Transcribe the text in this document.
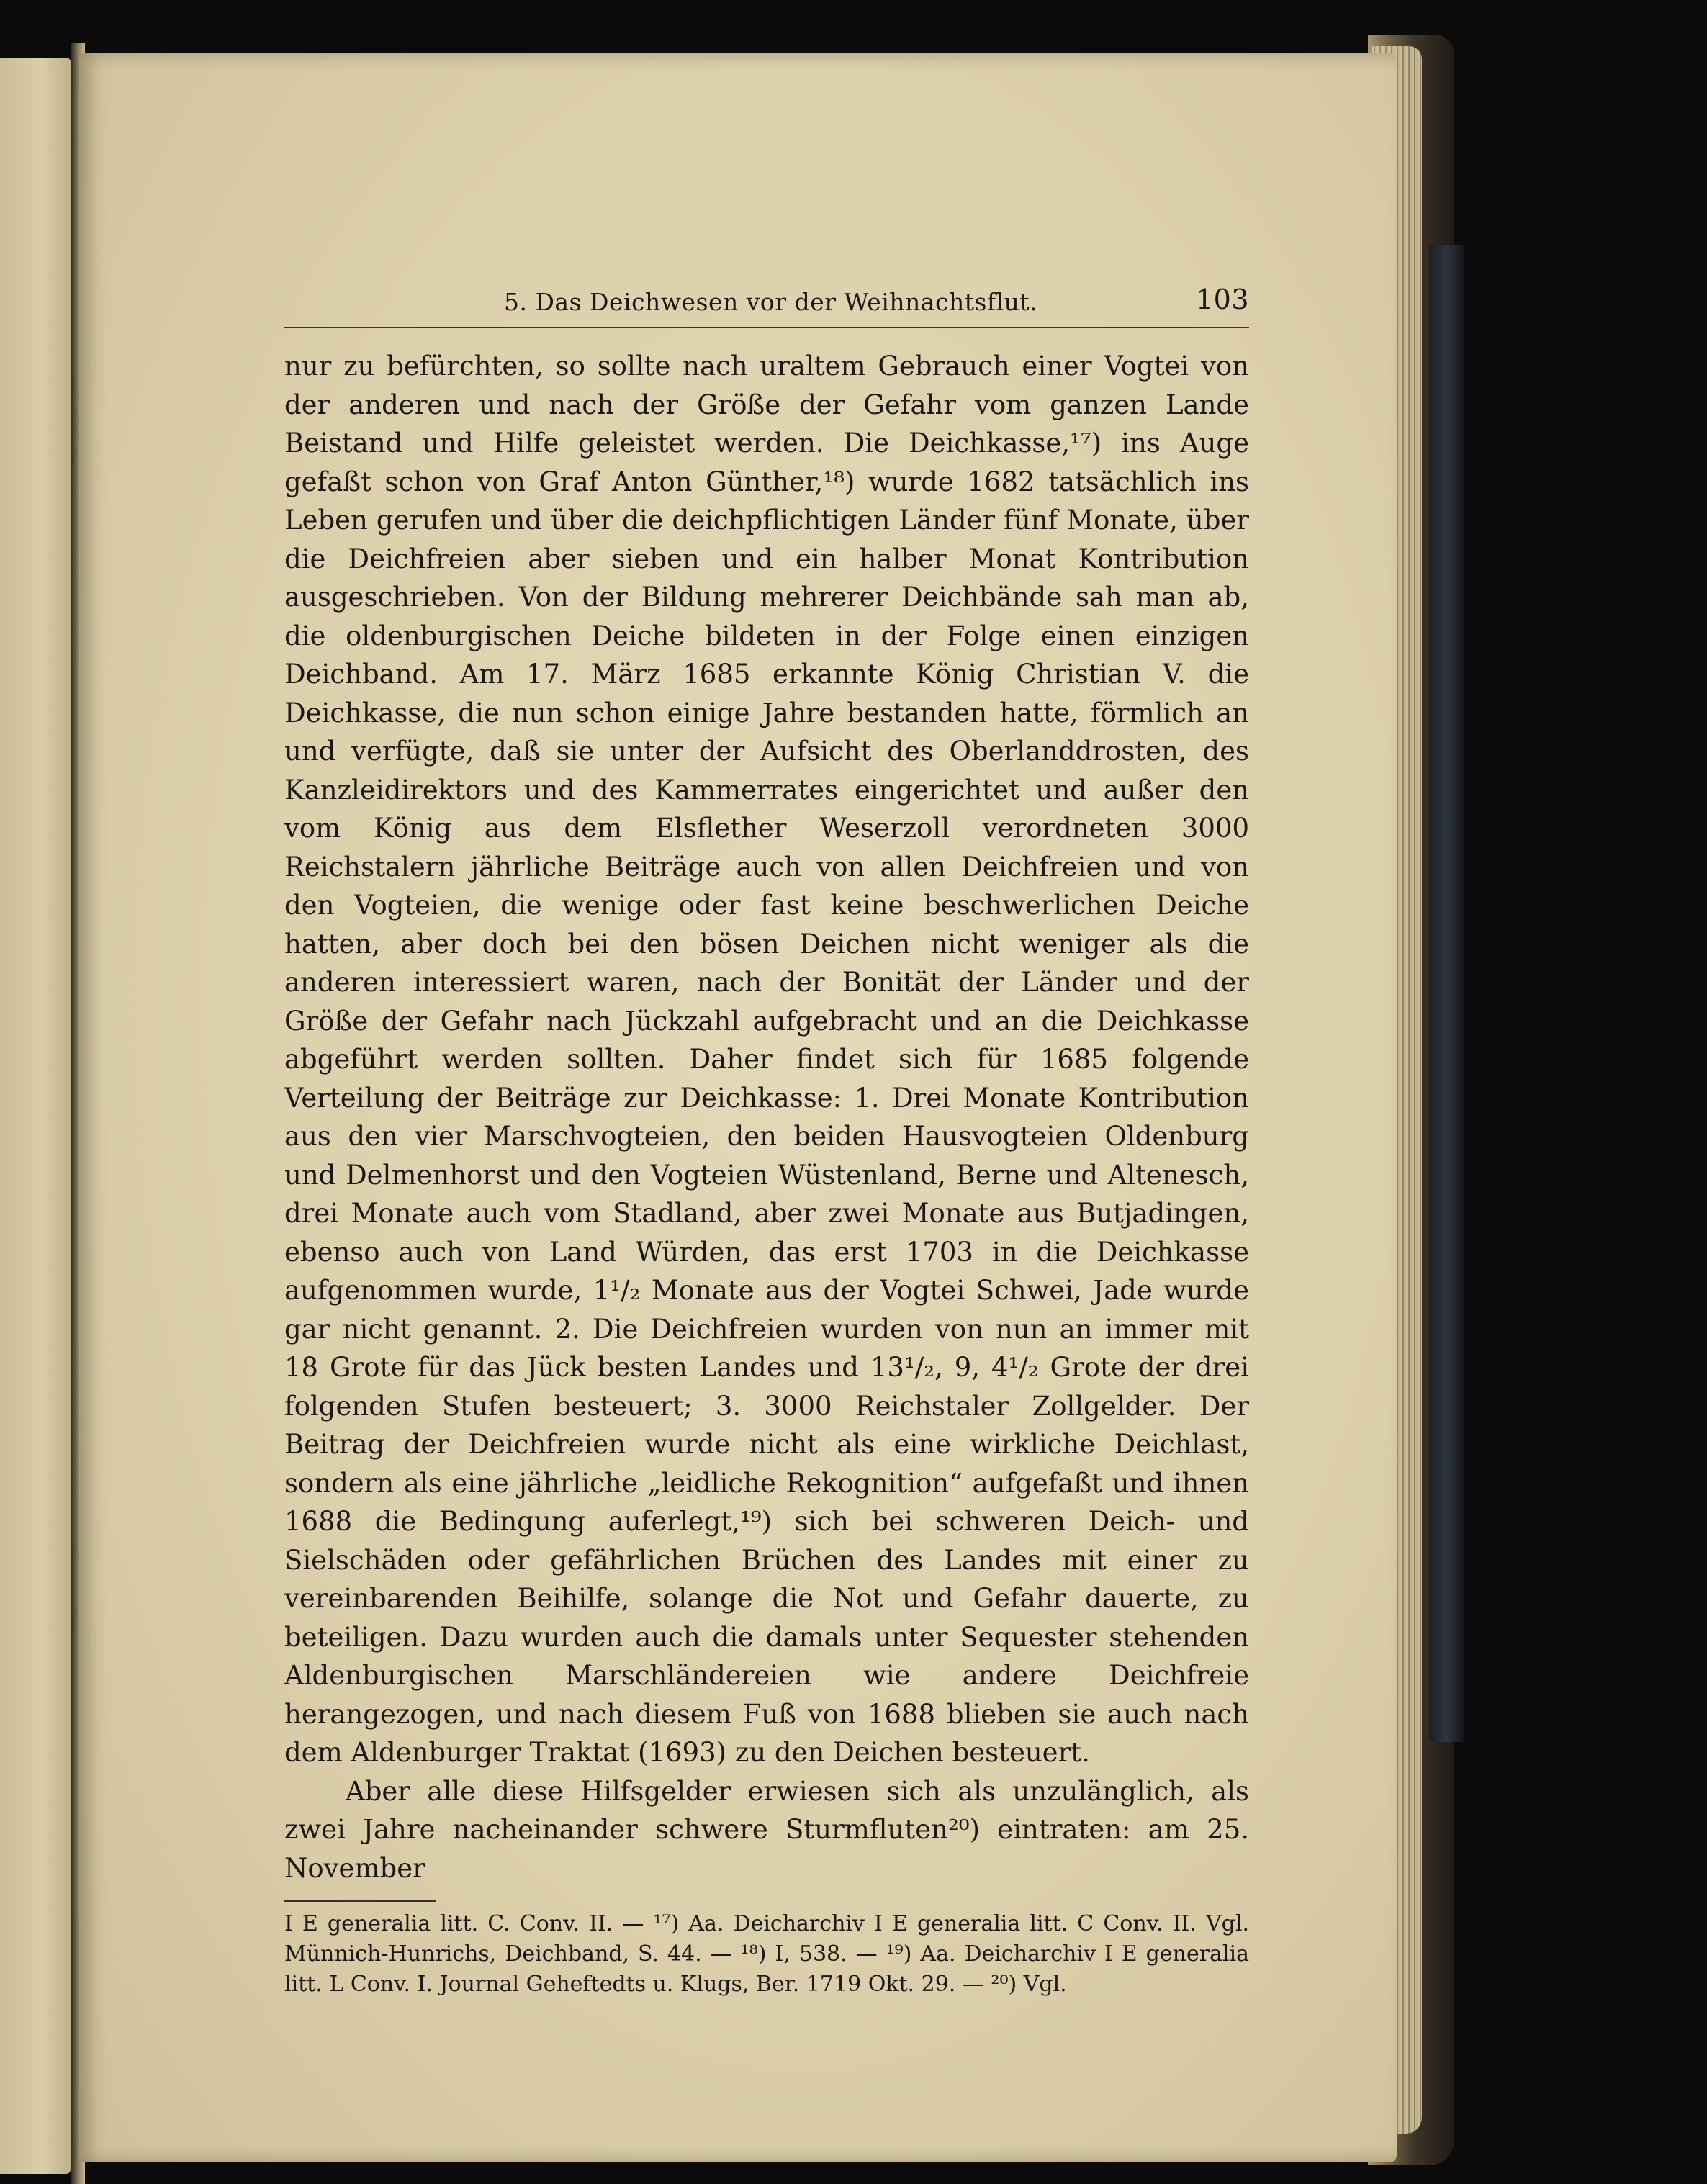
5. Das Deichwesen vor der Weihnachtsflut.	103

nur zu befürchten, so sollte nach uraltem Gebrauch einer Vogtei von der anderen und nach der Größe der Gefahr vom ganzen Lande Beistand und Hilfe geleistet werden. Die Deichkasse,¹⁷) ins Auge gefaßt schon von Graf Anton Günther,¹⁸) wurde 1682 tatsächlich ins Leben gerufen und über die deichpflichtigen Länder fünf Monate, über die Deichfreien aber sieben und ein halber Monat Kontribution ausgeschrieben. Von der Bildung mehrerer Deichbände sah man ab, die oldenburgischen Deiche bildeten in der Folge einen einzigen Deichband. Am 17. März 1685 erkannte König Christian V. die Deichkasse, die nun schon einige Jahre bestanden hatte, förmlich an und verfügte, daß sie unter der Aufsicht des Oberlanddrosten, des Kanzleidirektors und des Kammerrates eingerichtet und außer den vom König aus dem Elsflether Weserzoll verordneten 3000 Reichstalern jährliche Beiträge auch von allen Deichfreien und von den Vogteien, die wenige oder fast keine beschwerlichen Deiche hatten, aber doch bei den bösen Deichen nicht weniger als die anderen interessiert waren, nach der Bonität der Länder und der Größe der Gefahr nach Jückzahl aufgebracht und an die Deichkasse abgeführt werden sollten. Daher findet sich für 1685 folgende Verteilung der Beiträge zur Deichkasse: 1. Drei Monate Kontribution aus den vier Marschvogteien, den beiden Hausvogteien Oldenburg und Delmenhorst und den Vogteien Wüstenland, Berne und Altenesch, drei Monate auch vom Stadland, aber zwei Monate aus Butjadingen, ebenso auch von Land Würden, das erst 1703 in die Deichkasse aufgenommen wurde, 1¹/₂ Monate aus der Vogtei Schwei, Jade wurde gar nicht genannt. 2. Die Deichfreien wurden von nun an immer mit 18 Grote für das Jück besten Landes und 13¹/₂, 9, 4¹/₂ Grote der drei folgenden Stufen besteuert; 3. 3000 Reichstaler Zollgelder. Der Beitrag der Deichfreien wurde nicht als eine wirkliche Deichlast, sondern als eine jährliche „leidliche Rekognition“ aufgefaßt und ihnen 1688 die Bedingung auferlegt,¹⁹) sich bei schweren Deich- und Sielschäden oder gefährlichen Brüchen des Landes mit einer zu vereinbarenden Beihilfe, solange die Not und Gefahr dauerte, zu beteiligen. Dazu wurden auch die damals unter Sequester stehenden Aldenburgischen Marschländereien wie andere Deichfreie herangezogen, und nach diesem Fuß von 1688 blieben sie auch nach dem Aldenburger Traktat (1693) zu den Deichen besteuert.

Aber alle diese Hilfsgelder erwiesen sich als unzulänglich, als zwei Jahre nacheinander schwere Sturmfluten²⁰) eintraten: am 25. November

I E generalia litt. C. Conv. II. — ¹⁷) Aa. Deicharchiv I E generalia litt. C Conv. II. Vgl. Münnich-Hunrichs, Deichband, S. 44. — ¹⁸) I, 538. — ¹⁹) Aa. Deicharchiv I E generalia litt. L Conv. I. Journal Geheftedts u. Klugs, Ber. 1719 Okt. 29. — ²⁰) Vgl.
